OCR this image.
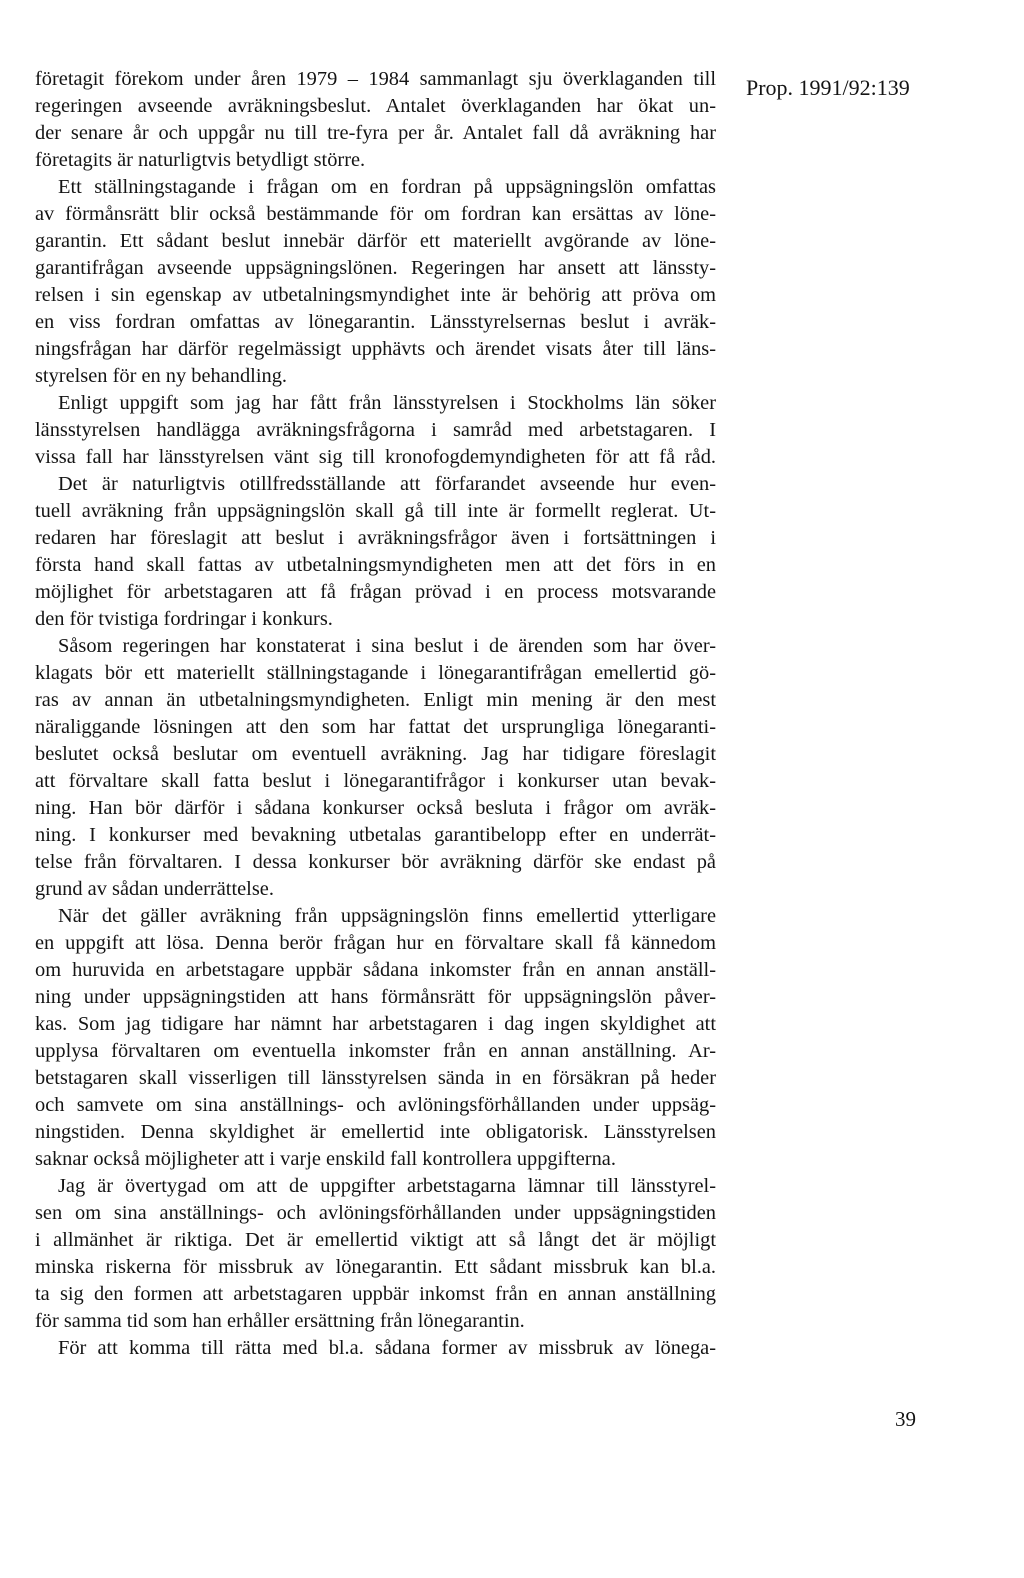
Prop. 1991/92:139
företagit förekom under åren 1979 – 1984 sammanlagt sju överklaganden till
regeringen avseende avräkningsbeslut. Antalet överklaganden har ökat un-
der senare år och uppgår nu till tre-fyra per år. Antalet fall då avräkning har
företagits är naturligtvis betydligt större.
Ett ställningstagande i frågan om en fordran på uppsägningslön omfattas
av förmånsrätt blir också bestämmande för om fordran kan ersättas av löne-
garantin. Ett sådant beslut innebär därför ett materiellt avgörande av löne-
garantifrågan avseende uppsägningslönen. Regeringen har ansett att länssty-
relsen i sin egenskap av utbetalningsmyndighet inte är behörig att pröva om
en viss fordran omfattas av lönegarantin. Länsstyrelsernas beslut i avräk-
ningsfrågan har därför regelmässigt upphävts och ärendet visats åter till läns-
styrelsen för en ny behandling.
Enligt uppgift som jag har fått från länsstyrelsen i Stockholms län söker
länsstyrelsen handlägga avräkningsfrågorna i samråd med arbetstagaren. I
vissa fall har länsstyrelsen vänt sig till kronofogdemyndigheten för att få råd.
Det är naturligtvis otillfredsställande att förfarandet avseende hur even-
tuell avräkning från uppsägningslön skall gå till inte är formellt reglerat. Ut-
redaren har föreslagit att beslut i avräkningsfrågor även i fortsättningen i
första hand skall fattas av utbetalningsmyndigheten men att det förs in en
möjlighet för arbetstagaren att få frågan prövad i en process motsvarande
den för tvistiga fordringar i konkurs.
Såsom regeringen har konstaterat i sina beslut i de ärenden som har över-
klagats bör ett materiellt ställningstagande i lönegarantifrågan emellertid gö-
ras av annan än utbetalningsmyndigheten. Enligt min mening är den mest
näraliggande lösningen att den som har fattat det ursprungliga lönegaranti-
beslutet också beslutar om eventuell avräkning. Jag har tidigare föreslagit
att förvaltare skall fatta beslut i lönegarantifrågor i konkurser utan bevak-
ning. Han bör därför i sådana konkurser också besluta i frågor om avräk-
ning. I konkurser med bevakning utbetalas garantibelopp efter en underrät-
telse från förvaltaren. I dessa konkurser bör avräkning därför ske endast på
grund av sådan underrättelse.
När det gäller avräkning från uppsägningslön finns emellertid ytterligare
en uppgift att lösa. Denna berör frågan hur en förvaltare skall få kännedom
om huruvida en arbetstagare uppbär sådana inkomster från en annan anställ-
ning under uppsägningstiden att hans förmånsrätt för uppsägningslön påver-
kas. Som jag tidigare har nämnt har arbetstagaren i dag ingen skyldighet att
upplysa förvaltaren om eventuella inkomster från en annan anställning. Ar-
betstagaren skall visserligen till länsstyrelsen sända in en försäkran på heder
och samvete om sina anställnings- och avlöningsförhållanden under uppsäg-
ningstiden. Denna skyldighet är emellertid inte obligatorisk. Länsstyrelsen
saknar också möjligheter att i varje enskild fall kontrollera uppgifterna.
Jag är övertygad om att de uppgifter arbetstagarna lämnar till länsstyrel-
sen om sina anställnings- och avlöningsförhållanden under uppsägningstiden
i allmänhet är riktiga. Det är emellertid viktigt att så långt det är möjligt
minska riskerna för missbruk av lönegarantin. Ett sådant missbruk kan bl.a.
ta sig den formen att arbetstagaren uppbär inkomst från en annan anställning
för samma tid som han erhåller ersättning från lönegarantin.
För att komma till rätta med bl.a. sådana former av missbruk av lönega-
39
